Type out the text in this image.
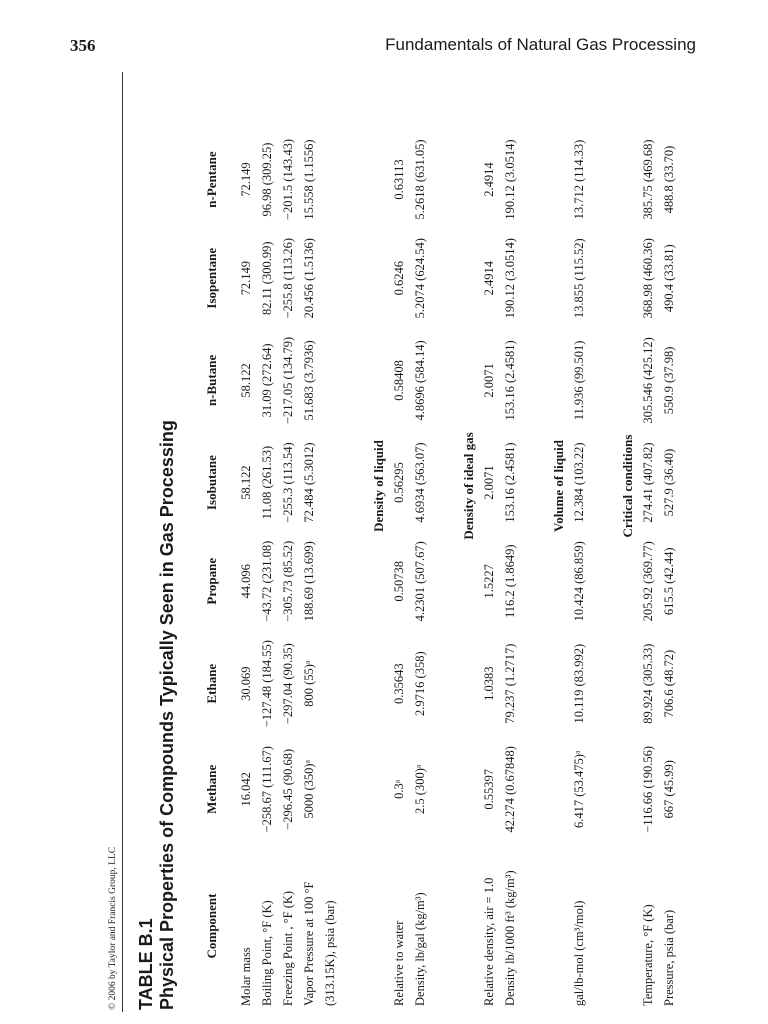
356	Fundamentals of Natural Gas Processing
© 2006 by Taylor and Francis Group, LLC TABLE B.1 Physical Properties of Compounds Typically Seen in Gas Processing Component	Methane	Ethane	Propane	Isobutane	n-Butane	Isopentane	n-Pentane
Molar mass	16.042	30.069	44.096	58.122	58.122	72.149	72.149
Boiling Point, °F (K)	−258.67 (111.67)	−127.48 (184.55)	−43.72 (231.08)	11.08 (261.53)	31.09 (272.64)	82.11 (300.99)	96.98 (309.25)
Freezing Point , °F (K)	−296.45 (90.68)	−297.04 (90.35)	−305.73 (85.52)	−255.3 (113.54)	−217.05 (134.79)	−255.8 (113.26)	−201.5 (143.43)
Vapor Pressure at 100 °F	5000 (350)ᵃ	800 (55)ᵃ	188.69 (13.699)	72.484 (5.3012)	51.683 (3.7936)	20.456 (1.5136)	15.558 (1.1556)
(313.15K), psia (bar)							

	Density of liquid						
Relative to water	0.3ᵃ	0.35643	0.50738	0.56295	0.58408	0.6246	0.63113
Density, lb/gal (kg/m³)	2.5 (300)ᵃ	2.9716 (358)	4.2301 (507.67)	4.6934 (563.07)	4.8696 (584.14)	5.2074 (624.54)	5.2618 (631.05)

	Density of ideal gas						
Relative density, air = 1.0	0.55397	1.0383	1.5227	2.0071	2.0071	2.4914	2.4914
Density lb/1000 ft³ (kg/m³)	42.274 (0.67848)	79.237 (1.2717)	116.2 (1.8649)	153.16 (2.4581)	153.16 (2.4581)	190.12 (3.0514)	190.12 (3.0514)

	Volume of liquid						
gal/lb-mol (cm³/mol)	6.417 (53.475)ᵃ	10.119 (83.992)	10.424 (86.859)	12.384 (103.22)	11.936 (99.501)	13.855 (115.52)	13.712 (114.33)

	Critical conditions						
Temperature, °F (K)	−116.66 (190.56)	89.924 (305.33)	205.92 (369.77)	274.41 (407.82)	305.546 (425.12)	368.98 (460.36)	385.75 (469.68)
Pressure, psia (bar)	667 (45.99)	706.6 (48.72)	615.5 (42.44)	527.9 (36.40)	550.9 (37.98)	490.4 (33.81)	488.8 (33.70)
